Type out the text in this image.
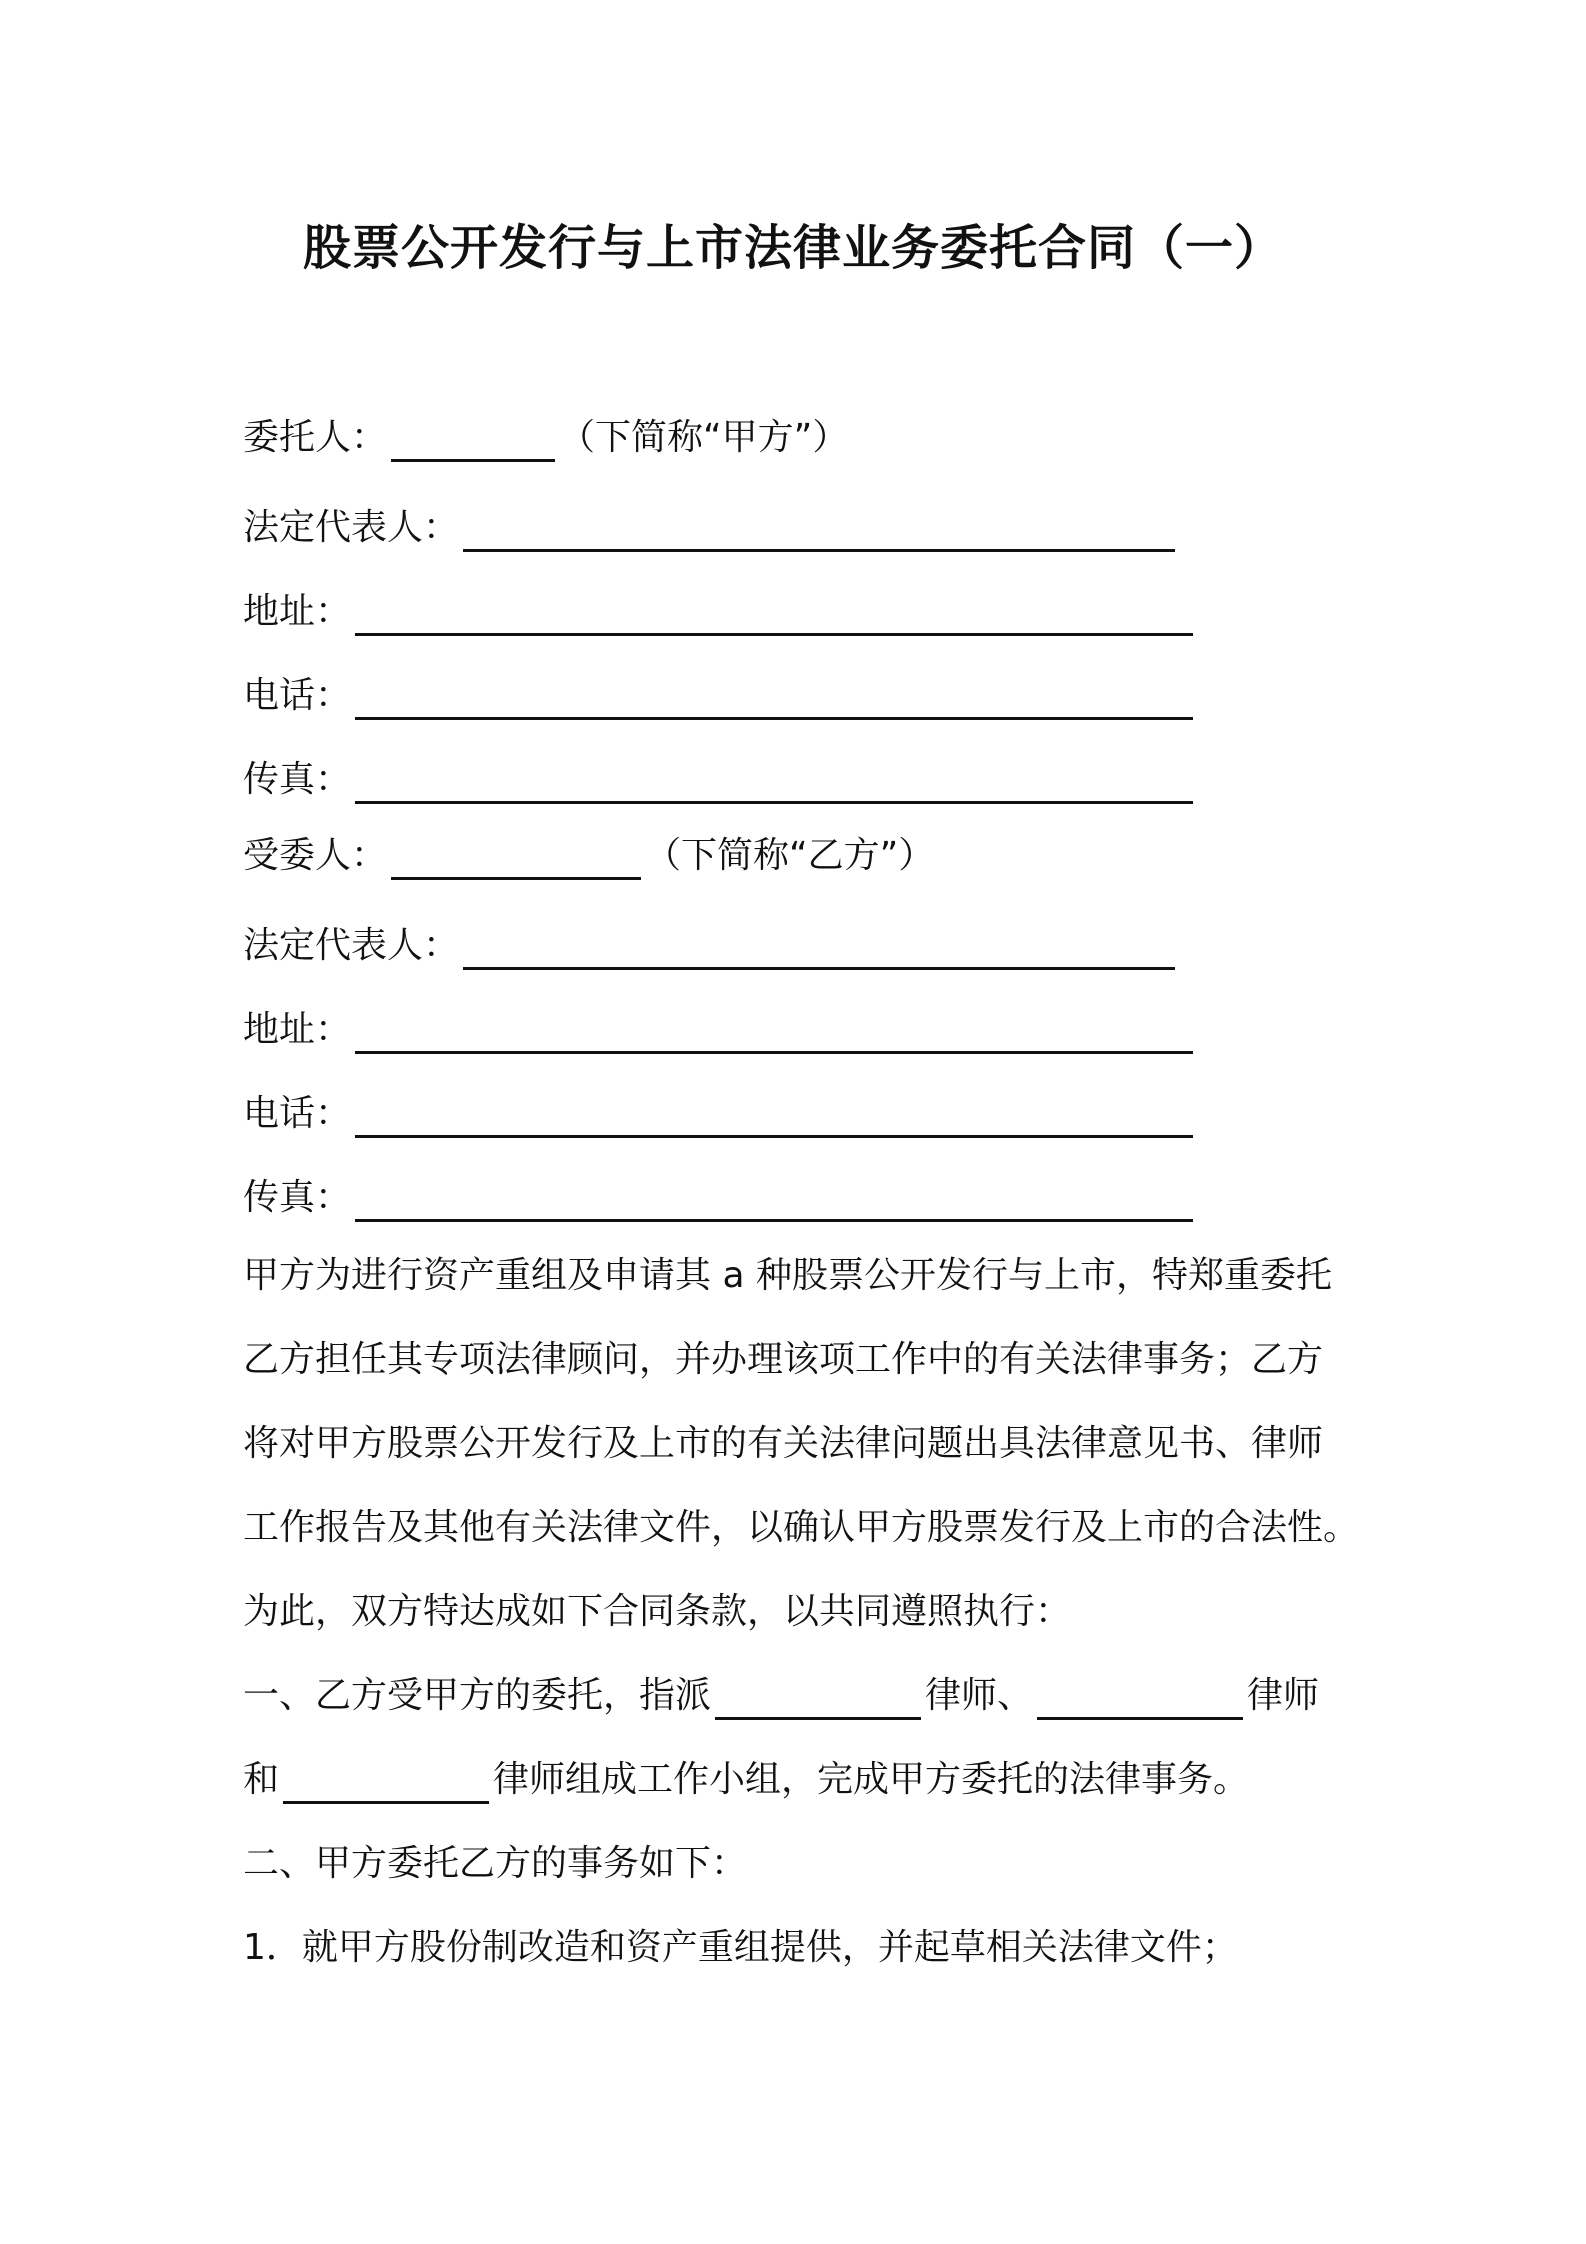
股票公开发行与上市法律业务委托合同（一）
委托人：	（下简称“甲方”）
法定代表人：
地址：
电话：
传真：
受委人：	（下简称“乙方”）
法定代表人：
地址：
电话：
传真：
甲方为进行资产重组及申请其 a 种股票公开发行与上市，特郑重委托
乙方担任其专项法律顾问，并办理该项工作中的有关法律事务；乙方
将对甲方股票公开发行及上市的有关法律问题出具法律意见书、律师
工作报告及其他有关法律文件，以确认甲方股票发行及上市的合法性。
为此，双方特达成如下合同条款，以共同遵照执行：
一、乙方受甲方的委托，指派	律师、	律师
和	律师组成工作小组，完成甲方委托的法律事务。
二、甲方委托乙方的事务如下：
1．就甲方股份制改造和资产重组提供，并起草相关法律文件；
